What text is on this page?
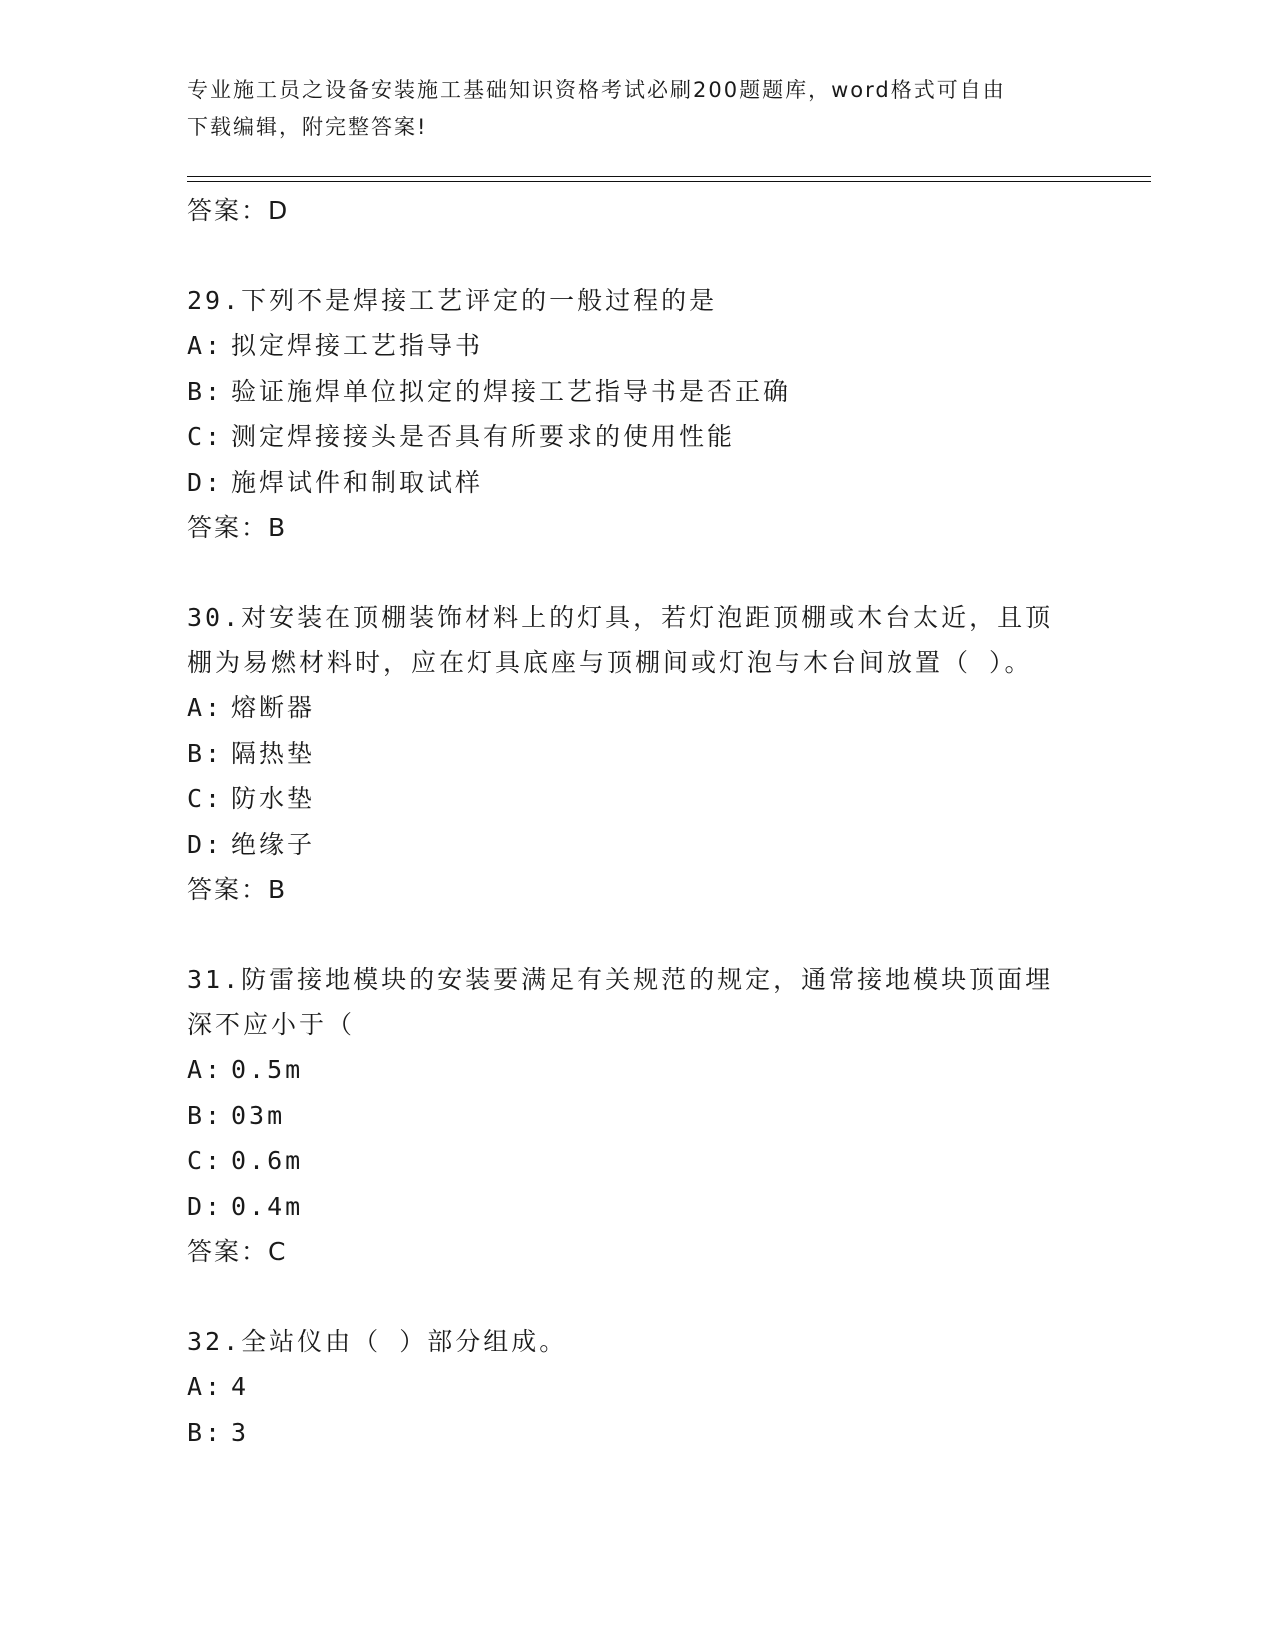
专业施工员之设备安装施工基础知识资格考试必刷200题题库，word格式可自由
下载编辑，附完整答案!
答案：D
29.下列不是焊接工艺评定的一般过程的是
A: 拟定焊接工艺指导书
B: 验证施焊单位拟定的焊接工艺指导书是否正确
C: 测定焊接接头是否具有所要求的使用性能
D: 施焊试件和制取试样
答案：B
30.对安装在顶棚装饰材料上的灯具，若灯泡距顶棚或木台太近，且顶
棚为易燃材料时，应在灯具底座与顶棚间或灯泡与木台间放置（ ）。
A: 熔断器
B: 隔热垫
C: 防水垫
D: 绝缘子
答案：B
31.防雷接地模块的安装要满足有关规范的规定，通常接地模块顶面埋
深不应小于（
A: 0.5m
B: 03m
C: 0.6m
D: 0.4m
答案：C
32.全站仪由（ ）部分组成。
A: 4
B: 3
